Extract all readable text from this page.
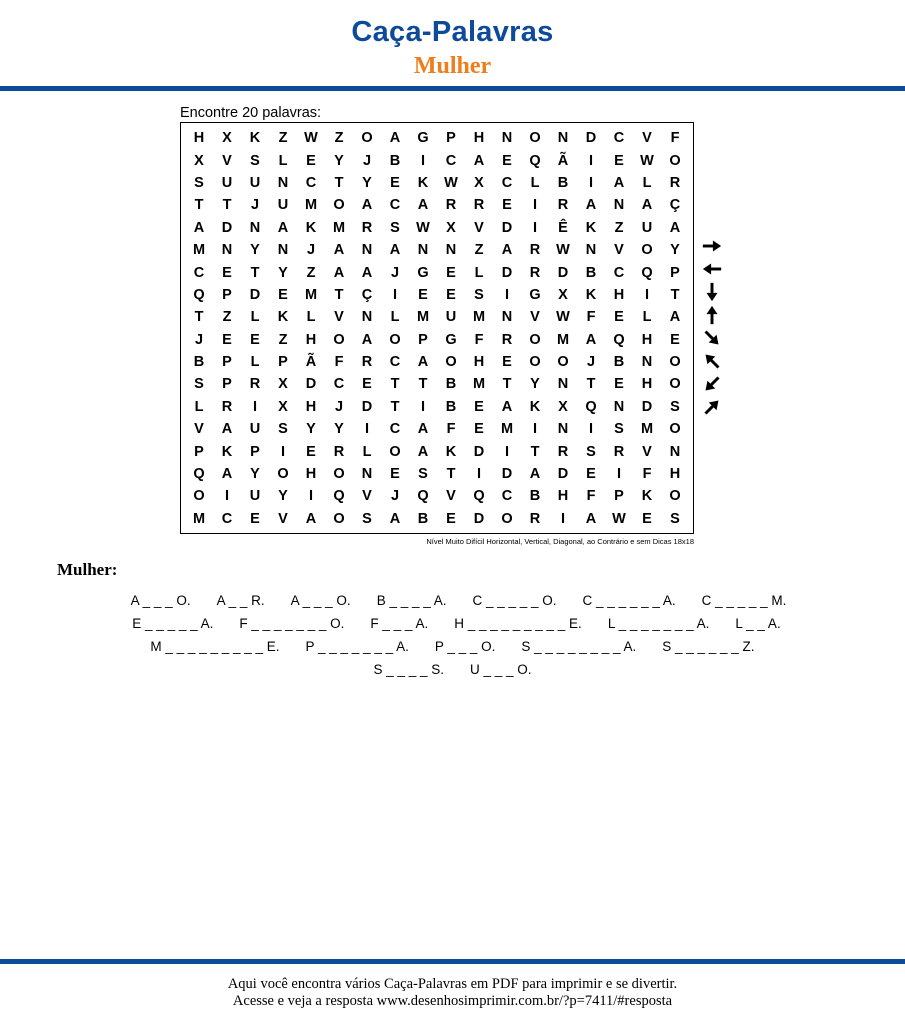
Caça-Palavras
Mulher
Encontre 20 palavras:
H	X	K	Z	W	Z	O	A	G	P	H	N	O	N	D	C	V	F
X	V	S	L	E	Y	J	B	I	C	A	E	Q	Ã	I	E	W	O
S	U	U	N	C	T	Y	E	K	W	X	C	L	B	I	A	L	R
T	T	J	U	M	O	A	C	A	R	R	E	I	R	A	N	A	Ç
A	D	N	A	K	M	R	S	W	X	V	D	I	Ê	K	Z	U	A
M	N	Y	N	J	A	N	A	N	N	Z	A	R	W	N	V	O	Y
C	E	T	Y	Z	A	A	J	G	E	L	D	R	D	B	C	Q	P
Q	P	D	E	M	T	Ç	I	E	E	S	I	G	X	K	H	I	T
T	Z	L	K	L	V	N	L	M	U	M	N	V	W	F	E	L	A
J	E	E	Z	H	O	A	O	P	G	F	R	O	M	A	Q	H	E
B	P	L	P	Ã	F	R	C	A	O	H	E	O	O	J	B	N	O
S	P	R	X	D	C	E	T	T	B	M	T	Y	N	T	E	H	O
L	R	I	X	H	J	D	T	I	B	E	A	K	X	Q	N	D	S
V	A	U	S	Y	Y	I	C	A	F	E	M	I	N	I	S	M	O
P	K	P	I	E	R	L	O	A	K	D	I	T	R	S	R	V	N
Q	A	Y	O	H	O	N	E	S	T	I	D	A	D	E	I	F	H
O	I	U	Y	I	Q	V	J	Q	V	Q	C	B	H	F	P	K	O
M	C	E	V	A	O	S	A	B	E	D	O	R	I	A	W	E	S
Nível Muito Difícil Horizontal, Vertical, Diagonal, ao Contrário e sem Dicas 18x18
Mulher:
A _ _ _ O. A _ _ R. A _ _ _ O. B _ _ _ _ A. C _ _ _ _ _ O. C _ _ _ _ _ _ A. C _ _ _ _ _ M.
E _ _ _ _ _ A. F _ _ _ _ _ _ _ O. F _ _ _ A. H _ _ _ _ _ _ _ _ _ E. L _ _ _ _ _ _ _ A. L _ _ A.
M _ _ _ _ _ _ _ _ _ E. P _ _ _ _ _ _ _ A. P _ _ _ O. S _ _ _ _ _ _ _ _ A. S _ _ _ _ _ _ Z.
S _ _ _ _ S. U _ _ _ O.
Aqui você encontra vários Caça-Palavras em PDF para imprimir e se divertir.
Acesse e veja a resposta www.desenhosimprimir.com.br/?p=7411/#resposta
